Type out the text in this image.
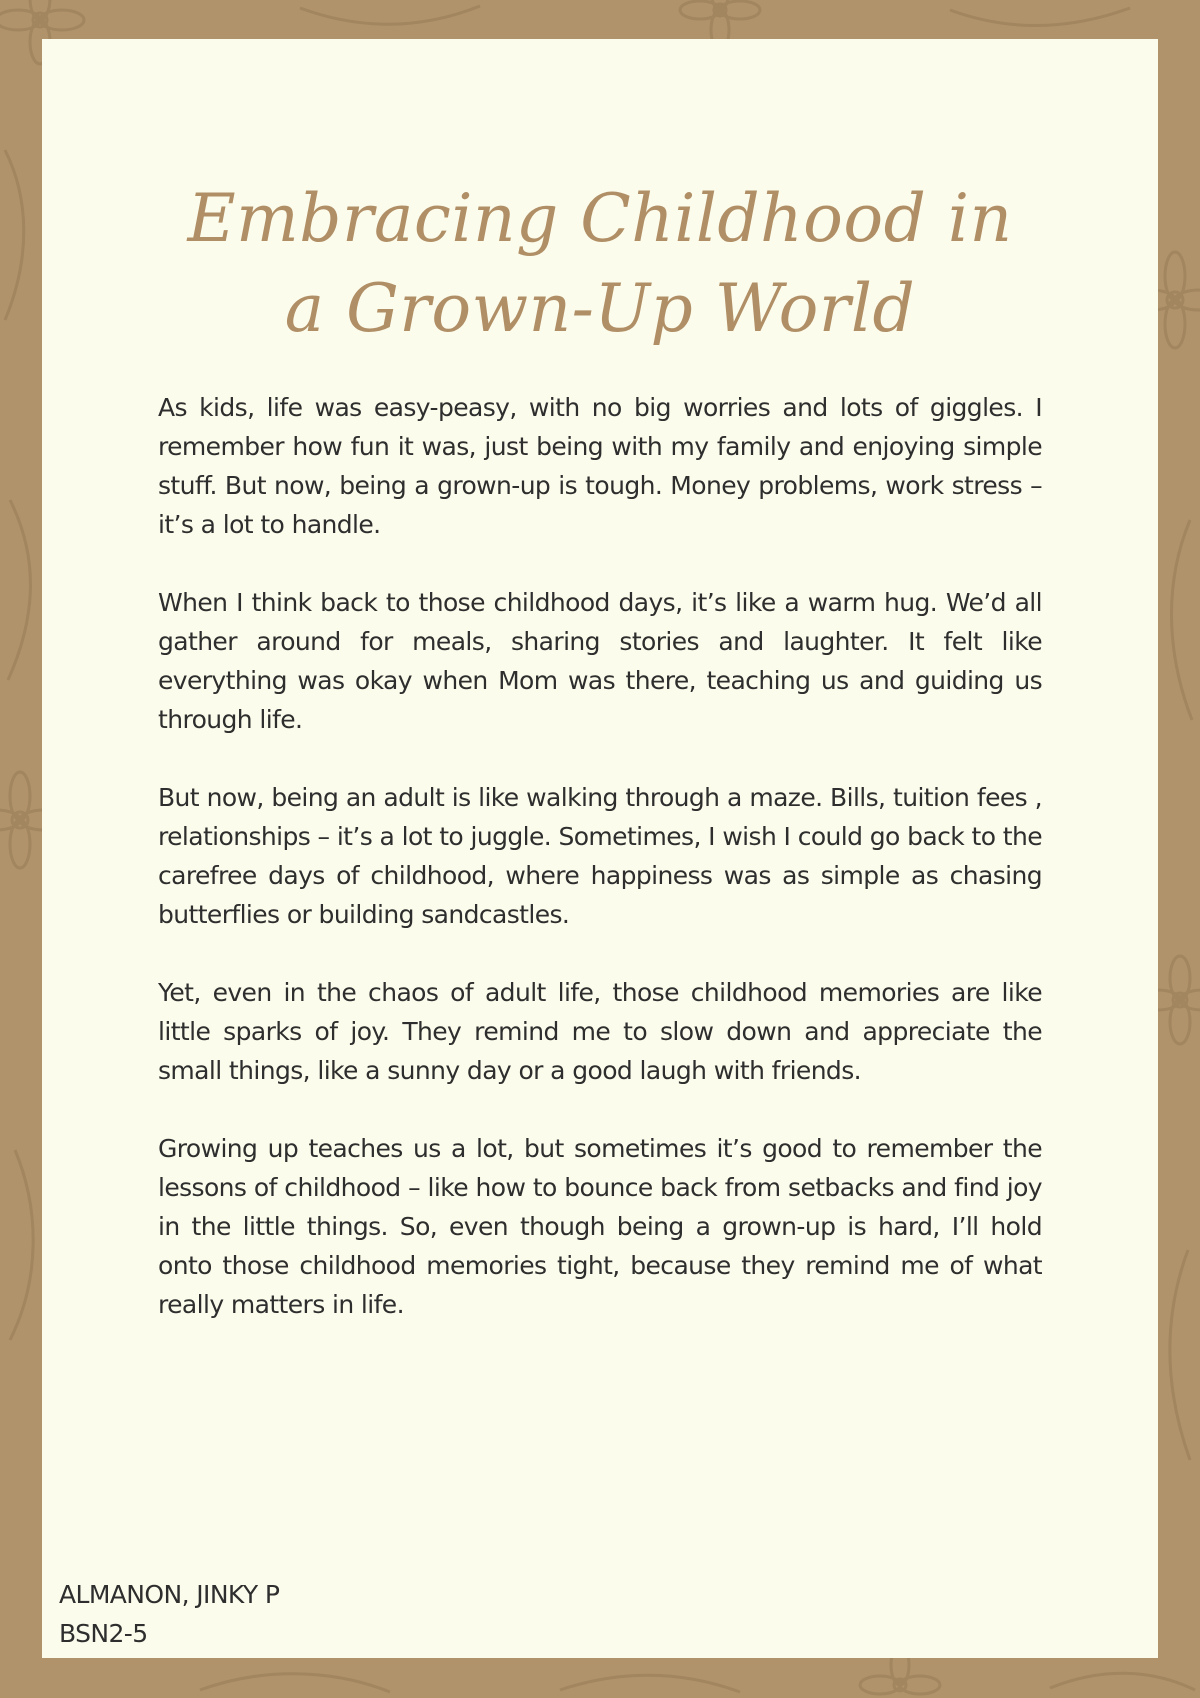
Embracing Childhood in
a Grown-Up World

As kids, life was easy-peasy, with no big worries and lots of giggles. I remember how fun it was, just being with my family and enjoying simple stuff. But now, being a grown-up is tough. Money problems, work stress – it’s a lot to handle.

When I think back to those childhood days, it’s like a warm hug. We’d all gather around for meals, sharing stories and laughter. It felt like everything was okay when Mom was there, teaching us and guiding us through life.

But now, being an adult is like walking through a maze. Bills, tuition fees , relationships – it’s a lot to juggle. Sometimes, I wish I could go back to the carefree days of childhood, where happiness was as simple as chasing butterflies or building sandcastles.

Yet, even in the chaos of adult life, those childhood memories are like little sparks of joy. They remind me to slow down and appreciate the small things, like a sunny day or a good laugh with friends.

Growing up teaches us a lot, but sometimes it’s good to remember the lessons of childhood – like how to bounce back from setbacks and find joy in the little things. So, even though being a grown-up is hard, I’ll hold onto those childhood memories tight, because they remind me of what really matters in life.

ALMANON, JINKY P
BSN2-5
